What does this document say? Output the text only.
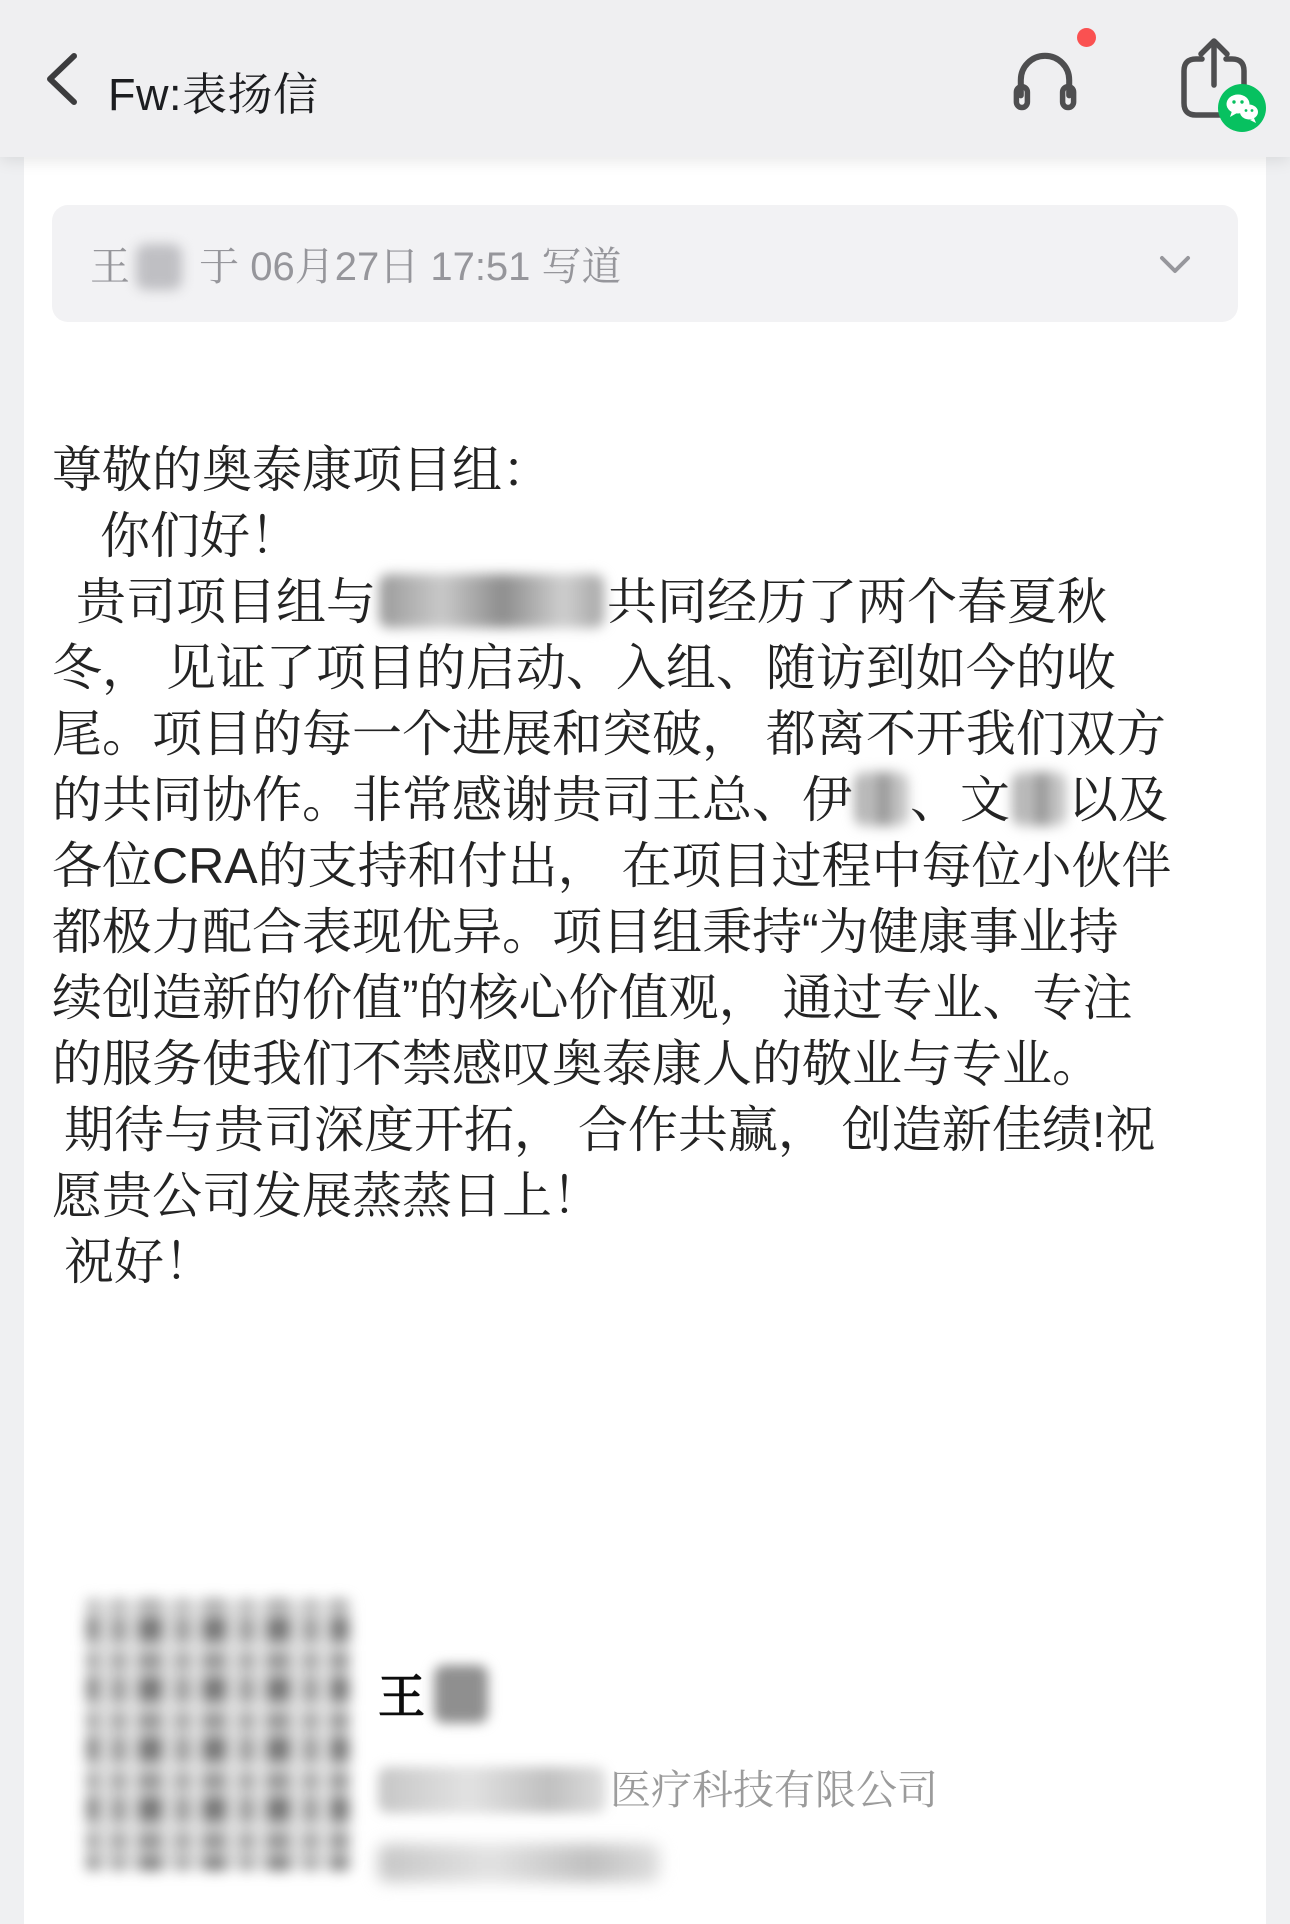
Fw:表扬信
王 于 06月27日 17:51 写道
尊敬的奥泰康项目组：
你们好！
贵司项目组与	共同经历了两个春夏秋
冬， 见证了项目的启动、入组、随访到如今的收
尾。项目的每一个进展和突破， 都离不开我们双方
的共同协作。非常感谢贵司王总、伊 、文 以及
各位CRA的支持和付出， 在项目过程中每位小伙伴
都极力配合表现优异。项目组秉持“为健康事业持
续创造新的价值”的核心价值观， 通过专业、专注
的服务使我们不禁感叹奥泰康人的敬业与专业。
期待与贵司深度开拓， 合作共赢， 创造新佳绩!祝
愿贵公司发展蒸蒸日上！
祝好！
王
医疗科技有限公司
